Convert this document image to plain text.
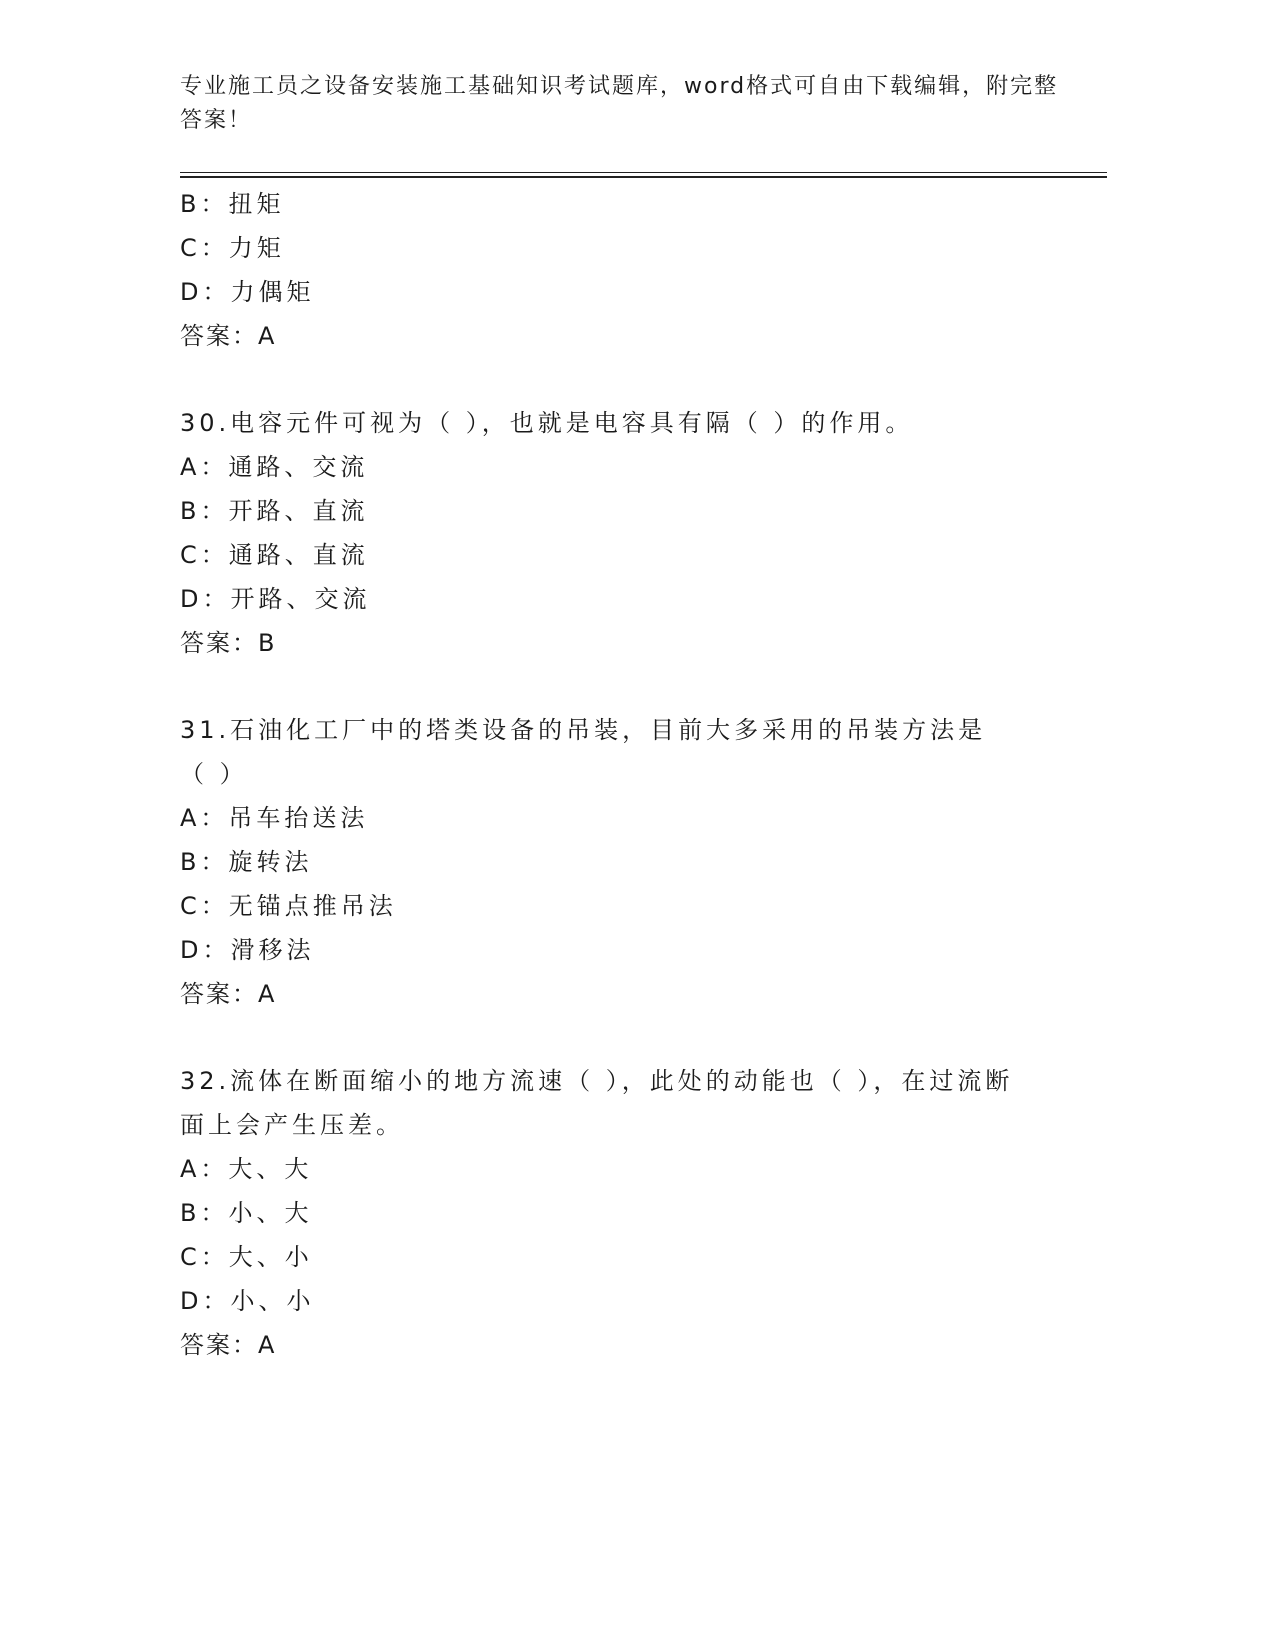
专业施工员之设备安装施工基础知识考试题库，word格式可自由下载编辑，附完整答案！
B：扭矩
C：力矩
D：力偶矩
答案：A
30.电容元件可视为（ ），也就是电容具有隔（ ）的作用。
A：通路、交流
B：开路、直流
C：通路、直流
D：开路、交流
答案：B
31.石油化工厂中的塔类设备的吊装，目前大多采用的吊装方法是（ ）
A：吊车抬送法
B：旋转法
C：无锚点推吊法
D：滑移法
答案：A
32.流体在断面缩小的地方流速（ ），此处的动能也（ ），在过流断面上会产生压差。
A：大、大
B：小、大
C：大、小
D：小、小
答案：A
